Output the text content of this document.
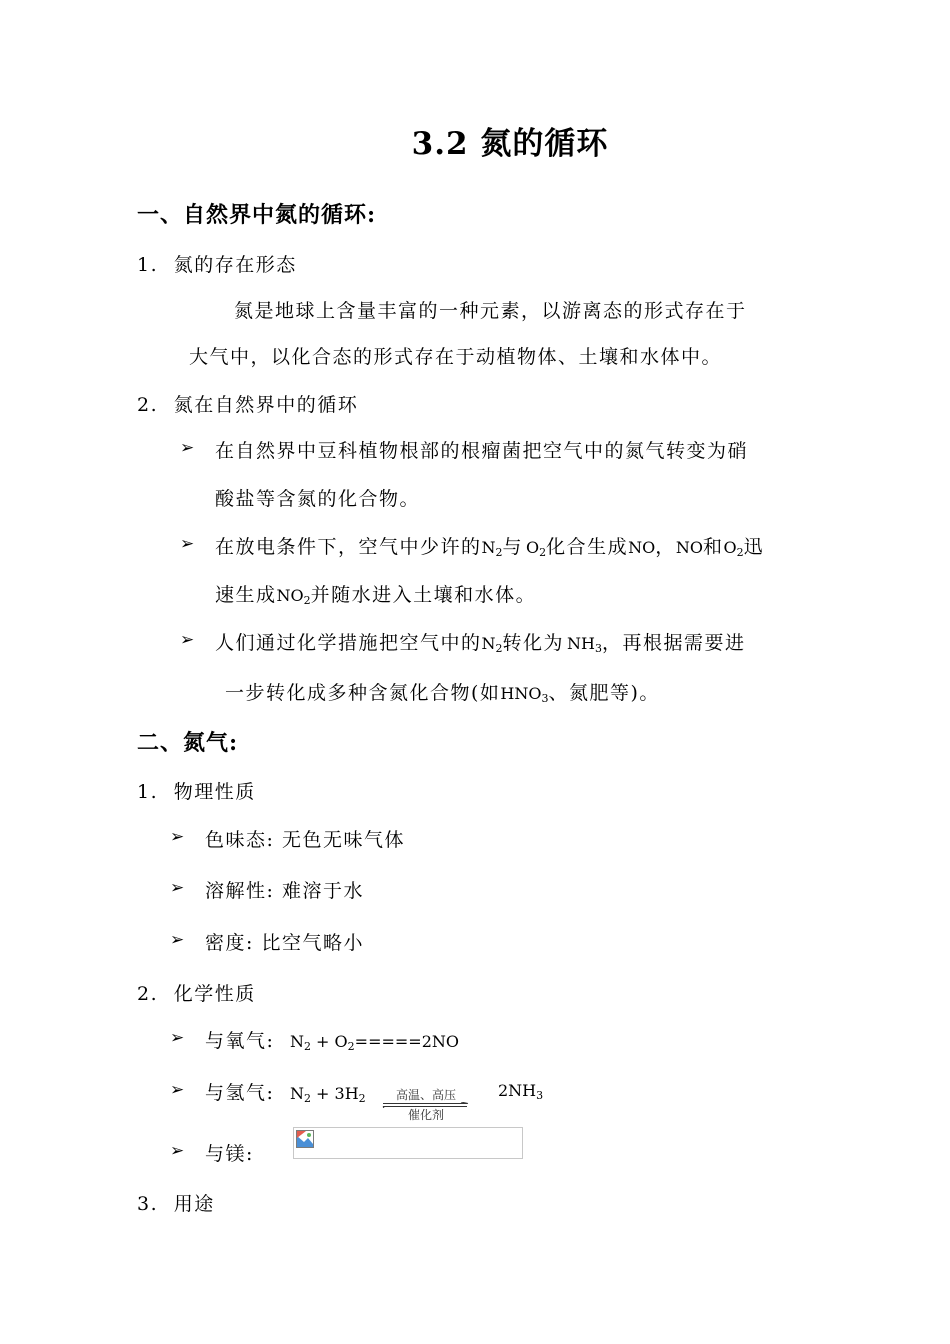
3.2 氮的循环
一、自然界中氮的循环:
1. 氮的存在形态
氮是地球上含量丰富的一种元素，以游离态的形式存在于
大气中，以化合态的形式存在于动植物体、土壤和水体中。
2. 氮在自然界中的循环
➢ 在自然界中豆科植物根部的根瘤菌把空气中的氮气转变为硝
酸盐等含氮的化合物。
➢ 在放电条件下，空气中少许的$N_2$与 $O_2$化合生成NO，NO和$O_2$迅
速生成$NO_2$并随水进入土壤和水体。
➢ 人们通过化学措施把空气中的$N_2$转化为 $NH_3$，再根据需要进
一步转化成多种含氮化合物(如$HNO_3$、氮肥等)。
二、氮气:
1. 物理性质
➢ 色味态: 无色无味气体
➢ 溶解性: 难溶于水
➢ 密度: 比空气略小
2. 化学性质
➢ 与氧气: $N_2 + O_2=====2NO$
➢ 与氢气: $N_2 + 3H_2$	高温、高压
催化剂
$2NH_3$
➢ 与镁:
3. 用途
